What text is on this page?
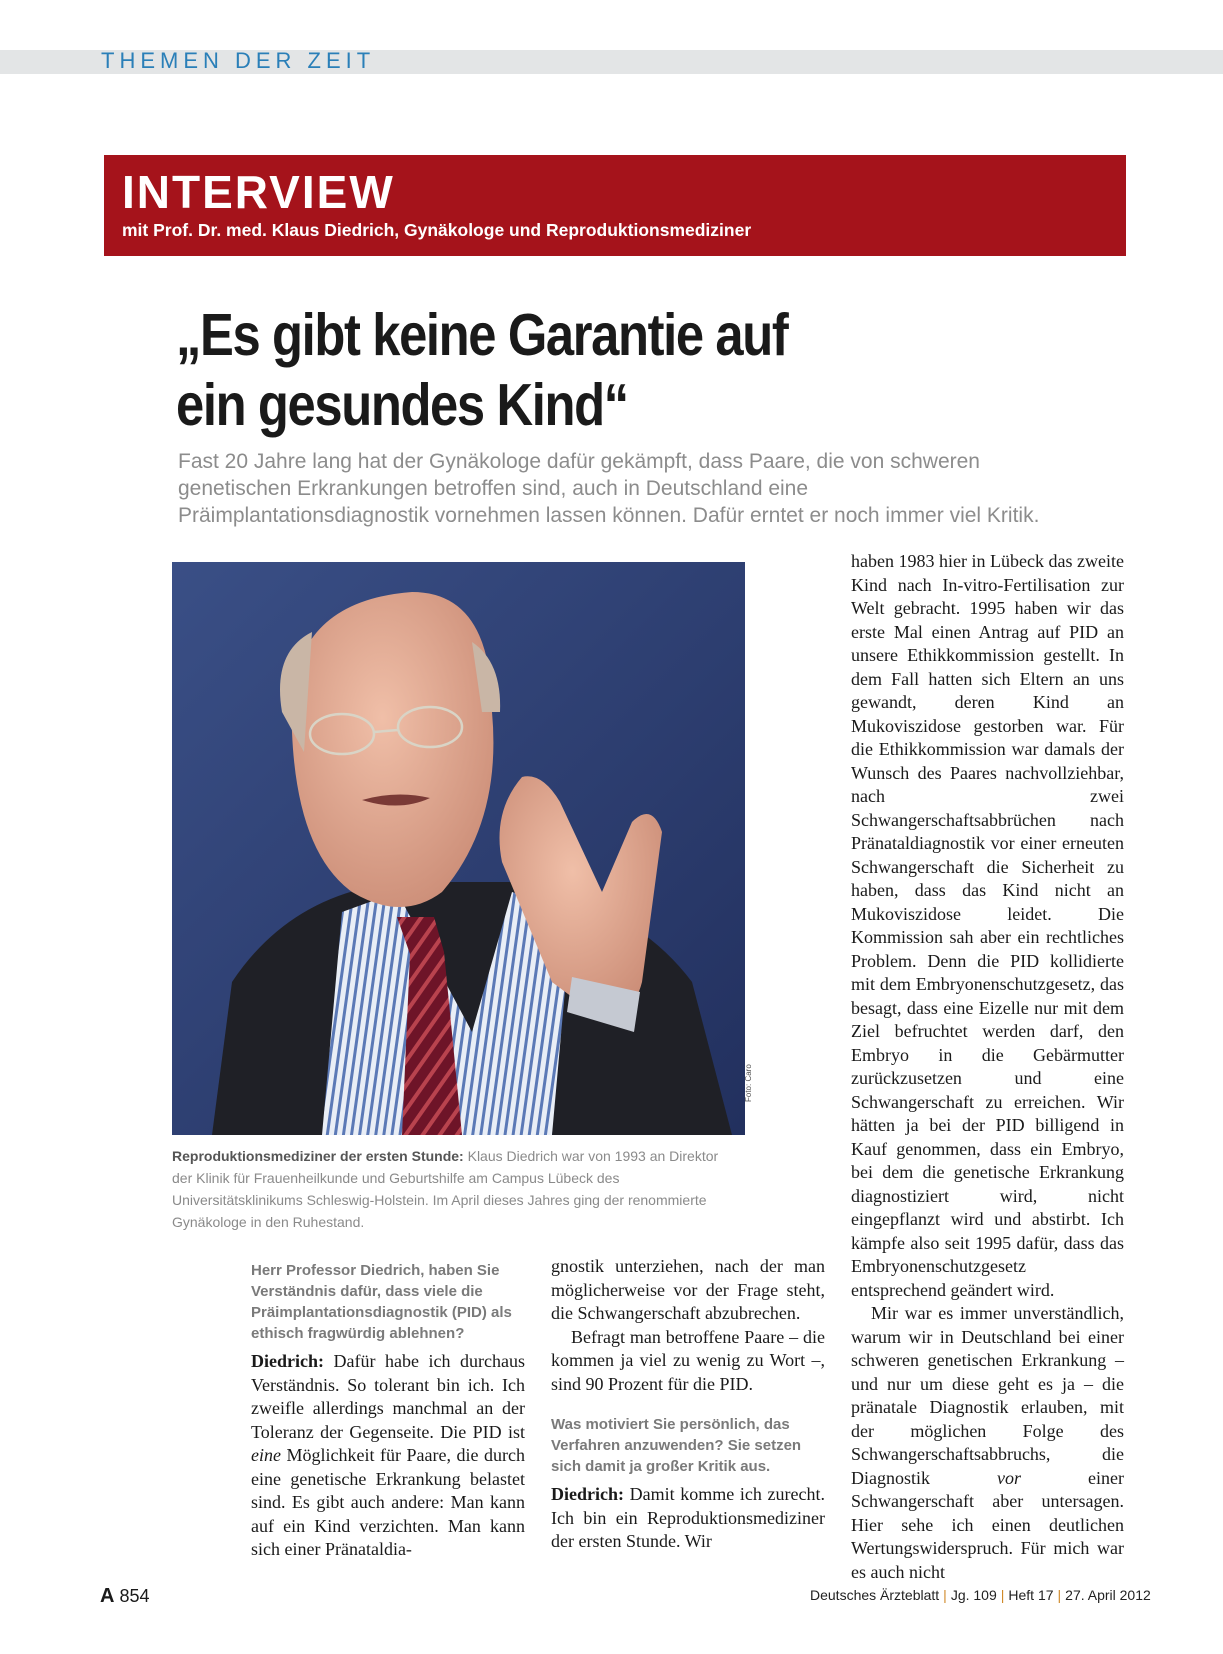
THEMEN DER ZEIT
INTERVIEW
mit Prof. Dr. med. Klaus Diedrich, Gynäkologe und Reproduktionsmediziner
„Es gibt keine Garantie auf
ein gesundes Kind“
Fast 20 Jahre lang hat der Gynäkologe dafür gekämpft, dass Paare, die von schweren genetischen Erkrankungen betroffen sind, auch in Deutschland eine Präimplantationsdiagnostik vornehmen lassen können. Dafür erntet er noch immer viel Kritik.
Foto: Caro
Reproduktionsmediziner der ersten Stunde: Klaus Diedrich war von 1993 an Direktor der Klinik für Frauenheilkunde und Geburtshilfe am Campus Lübeck des Universitätsklinikums Schleswig-Holstein. Im April dieses Jahres ging der renommierte Gynäkologe in den Ruhestand.

Herr Professor Diedrich, haben Sie Verständnis dafür, dass viele die Präimplantationsdiagnostik (PID) als ethisch fragwürdig ablehnen?

Diedrich: Dafür habe ich durchaus Verständnis. So tolerant bin ich. Ich zweifle allerdings manchmal an der Toleranz der Gegenseite. Die PID ist eine Möglichkeit für Paare, die durch eine genetische Erkrankung belastet sind. Es gibt auch andere: Man kann auf ein Kind verzichten. Man kann sich einer Pränataldia-

gnostik unterziehen, nach der man möglicherweise vor der Frage steht, die Schwangerschaft abzubrechen.

Befragt man betroffene Paare – die kommen ja viel zu wenig zu Wort –, sind 90 Prozent für die PID.

Was motiviert Sie persönlich, das Verfahren anzuwenden? Sie setzen sich damit ja großer Kritik aus.

Diedrich: Damit komme ich zurecht. Ich bin ein Reproduktionsmediziner der ersten Stunde. Wir

haben 1983 hier in Lübeck das zweite Kind nach In-vitro-Fertilisation zur Welt gebracht. 1995 haben wir das erste Mal einen Antrag auf PID an unsere Ethikkommission gestellt. In dem Fall hatten sich Eltern an uns gewandt, deren Kind an Mukoviszidose gestorben war. Für die Ethikkommission war damals der Wunsch des Paares nachvollziehbar, nach zwei Schwangerschaftsabbrüchen nach Pränataldiagnostik vor einer erneuten Schwangerschaft die Sicherheit zu haben, dass das Kind nicht an Mukoviszidose leidet. Die Kommission sah aber ein rechtliches Problem. Denn die PID kollidierte mit dem Embryonenschutzgesetz, das besagt, dass eine Eizelle nur mit dem Ziel befruchtet werden darf, den Embryo in die Gebärmutter zurückzusetzen und eine Schwangerschaft zu erreichen. Wir hätten ja bei der PID billigend in Kauf genommen, dass ein Embryo, bei dem die genetische Erkrankung diagnostiziert wird, nicht eingepflanzt wird und abstirbt. Ich kämpfe also seit 1995 dafür, dass das Embryonenschutzgesetz entsprechend geändert wird.

Mir war es immer unverständlich, warum wir in Deutschland bei einer schweren genetischen Erkrankung – und nur um diese geht es ja – die pränatale Diagnostik erlauben, mit der möglichen Folge des Schwangerschaftsabbruchs, die Diagnostik vor einer Schwangerschaft aber untersagen. Hier sehe ich einen deutlichen Wertungswiderspruch. Für mich war es auch nicht

A 854	Deutsches Ärzteblatt | Jg. 109 | Heft 17 | 27. April 2012
